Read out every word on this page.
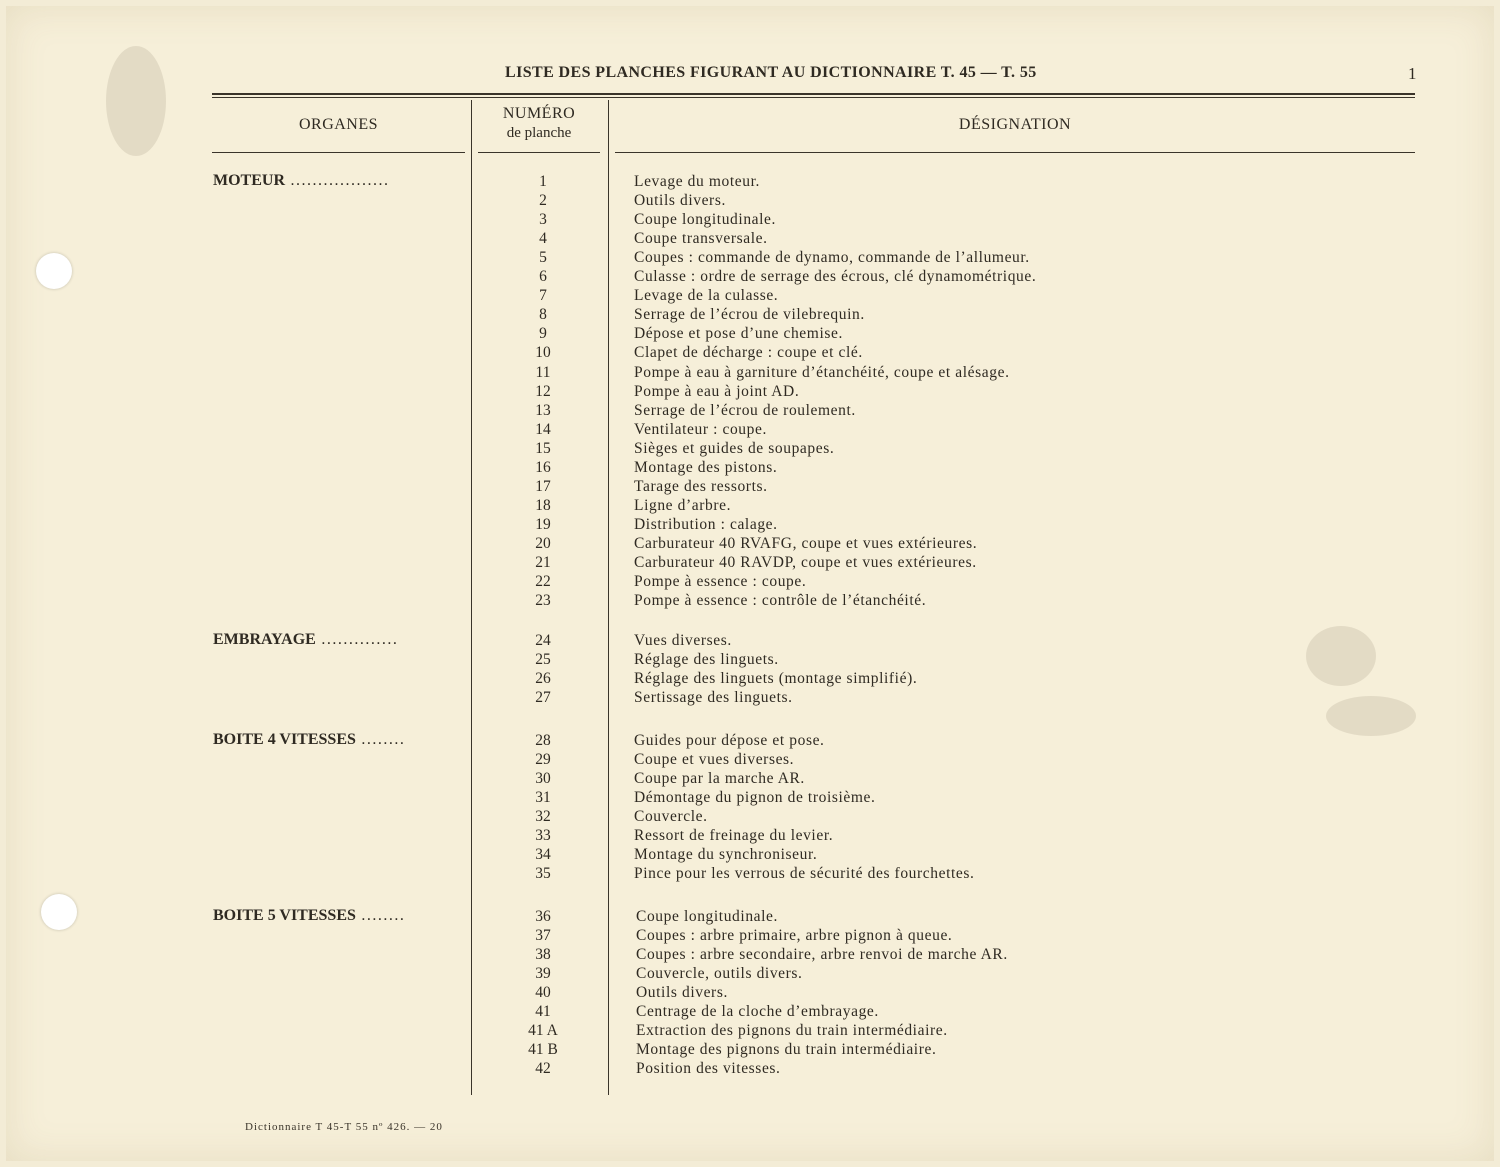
LISTE DES PLANCHES FIGURANT AU DICTIONNAIRE T. 45 — T. 55	1
ORGANES
NUMÉRO
de planche	DÉSIGNATION
MOTEUR ..................	1	Levage du moteur.
2	Outils divers.
3	Coupe longitudinale.
4	Coupe transversale.
5	Coupes : commande de dynamo, commande de l’allumeur.
6	Culasse : ordre de serrage des écrous, clé dynamométrique.
7	Levage de la culasse.
8	Serrage de l’écrou de vilebrequin.
9	Dépose et pose d’une chemise.
10	Clapet de décharge : coupe et clé.
11	Pompe à eau à garniture d’étanchéité, coupe et alésage.
12	Pompe à eau à joint AD.
13	Serrage de l’écrou de roulement.
14	Ventilateur : coupe.
15	Sièges et guides de soupapes.
16	Montage des pistons.
17	Tarage des ressorts.
18	Ligne d’arbre.
19	Distribution : calage.
20	Carburateur 40 RVAFG, coupe et vues extérieures.
21	Carburateur 40 RAVDP, coupe et vues extérieures.
22	Pompe à essence : coupe.
23	Pompe à essence : contrôle de l’étanchéité.
EMBRAYAGE ..............	24	Vues diverses.
25	Réglage des linguets.
26	Réglage des linguets (montage simplifié).
27	Sertissage des linguets.
BOITE 4 VITESSES ........	28	Guides pour dépose et pose.
29	Coupe et vues diverses.
30	Coupe par la marche AR.
31	Démontage du pignon de troisième.
32	Couvercle.
33	Ressort de freinage du levier.
34	Montage du synchroniseur.
35	Pince pour les verrous de sécurité des fourchettes.
BOITE 5 VITESSES ........	36	Coupe longitudinale.
37	Coupes : arbre primaire, arbre pignon à queue.
38	Coupes : arbre secondaire, arbre renvoi de marche AR.
39	Couvercle, outils divers.
40	Outils divers.
41	Centrage de la cloche d’embrayage.
41 A	Extraction des pignons du train intermédiaire.
41 B	Montage des pignons du train intermédiaire.
42	Position des vitesses.
Dictionnaire T 45-T 55 nº 426. — 20
